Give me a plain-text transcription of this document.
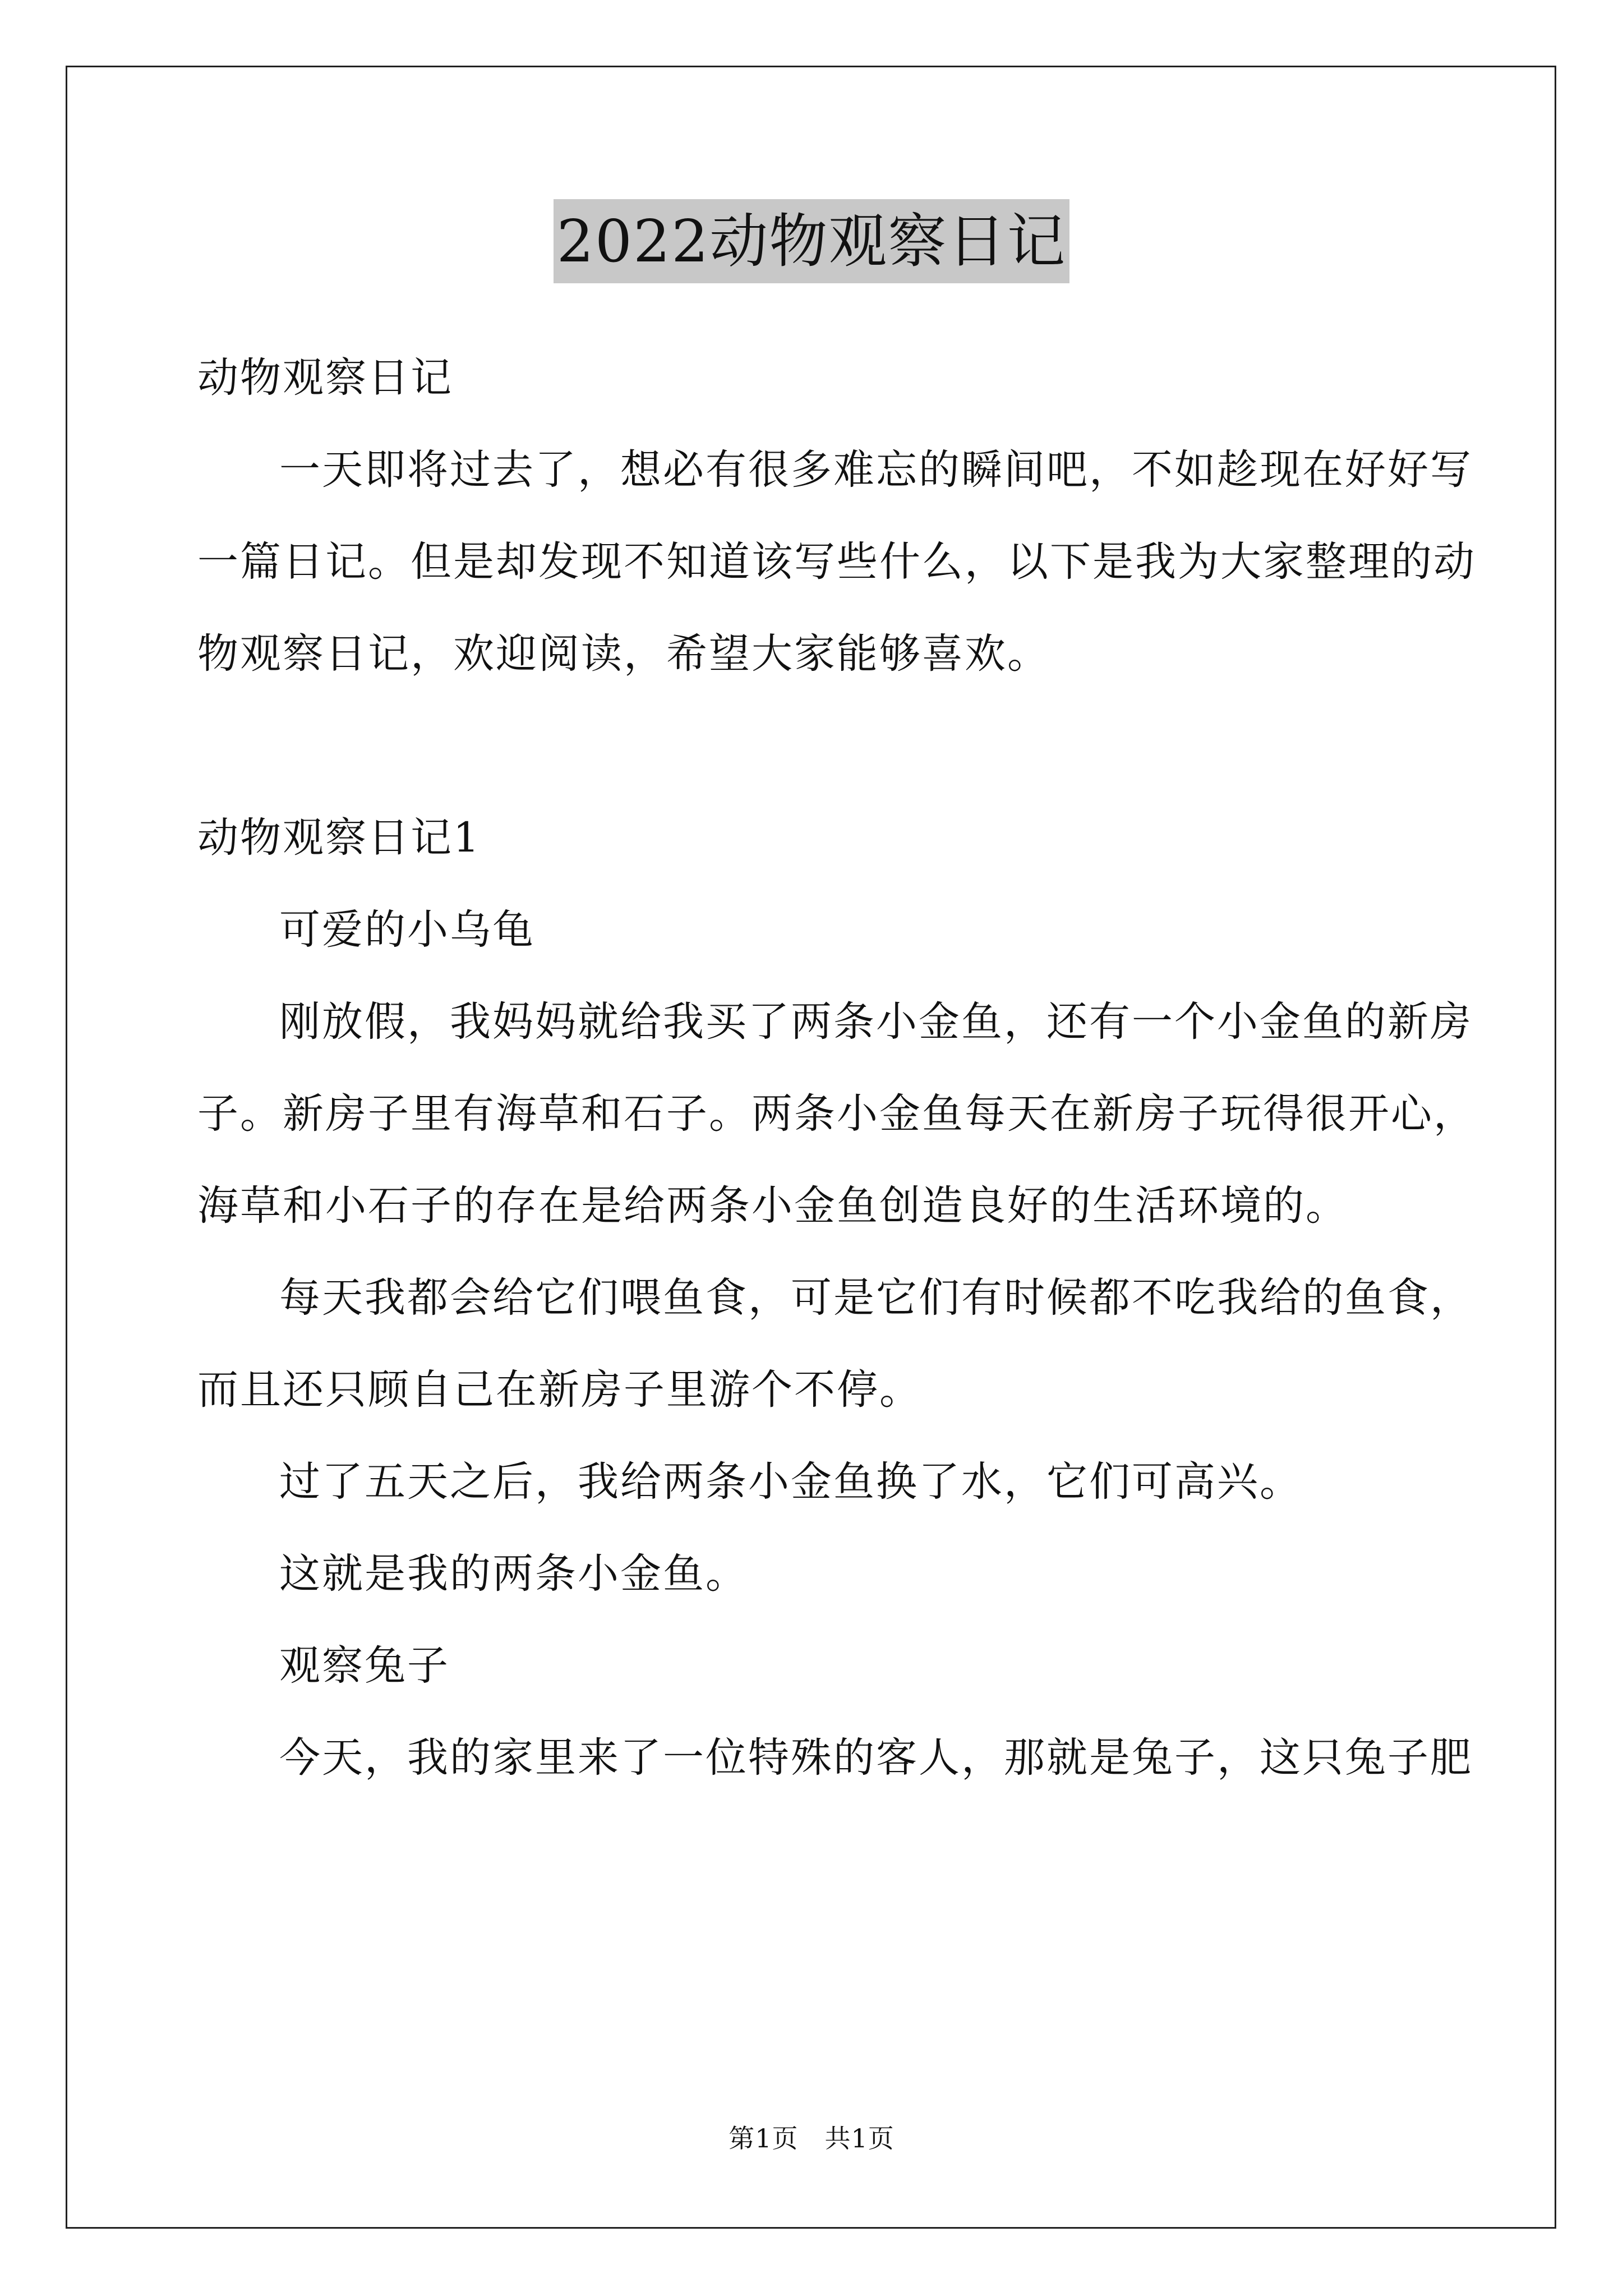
2022动物观察日记
动物观察日记
一天即将过去了，想必有很多难忘的瞬间吧，不如趁现在好好写
一篇日记。但是却发现不知道该写些什么，以下是我为大家整理的动
物观察日记，欢迎阅读，希望大家能够喜欢。
动物观察日记1
可爱的小乌龟
刚放假，我妈妈就给我买了两条小金鱼，还有一个小金鱼的新房
子。新房子里有海草和石子。两条小金鱼每天在新房子玩得很开心，
海草和小石子的存在是给两条小金鱼创造良好的生活环境的。
每天我都会给它们喂鱼食，可是它们有时候都不吃我给的鱼食，
而且还只顾自己在新房子里游个不停。
过了五天之后，我给两条小金鱼换了水，它们可高兴。
这就是我的两条小金鱼。
观察兔子
今天，我的家里来了一位特殊的客人，那就是兔子，这只兔子肥
第1页　共1页
